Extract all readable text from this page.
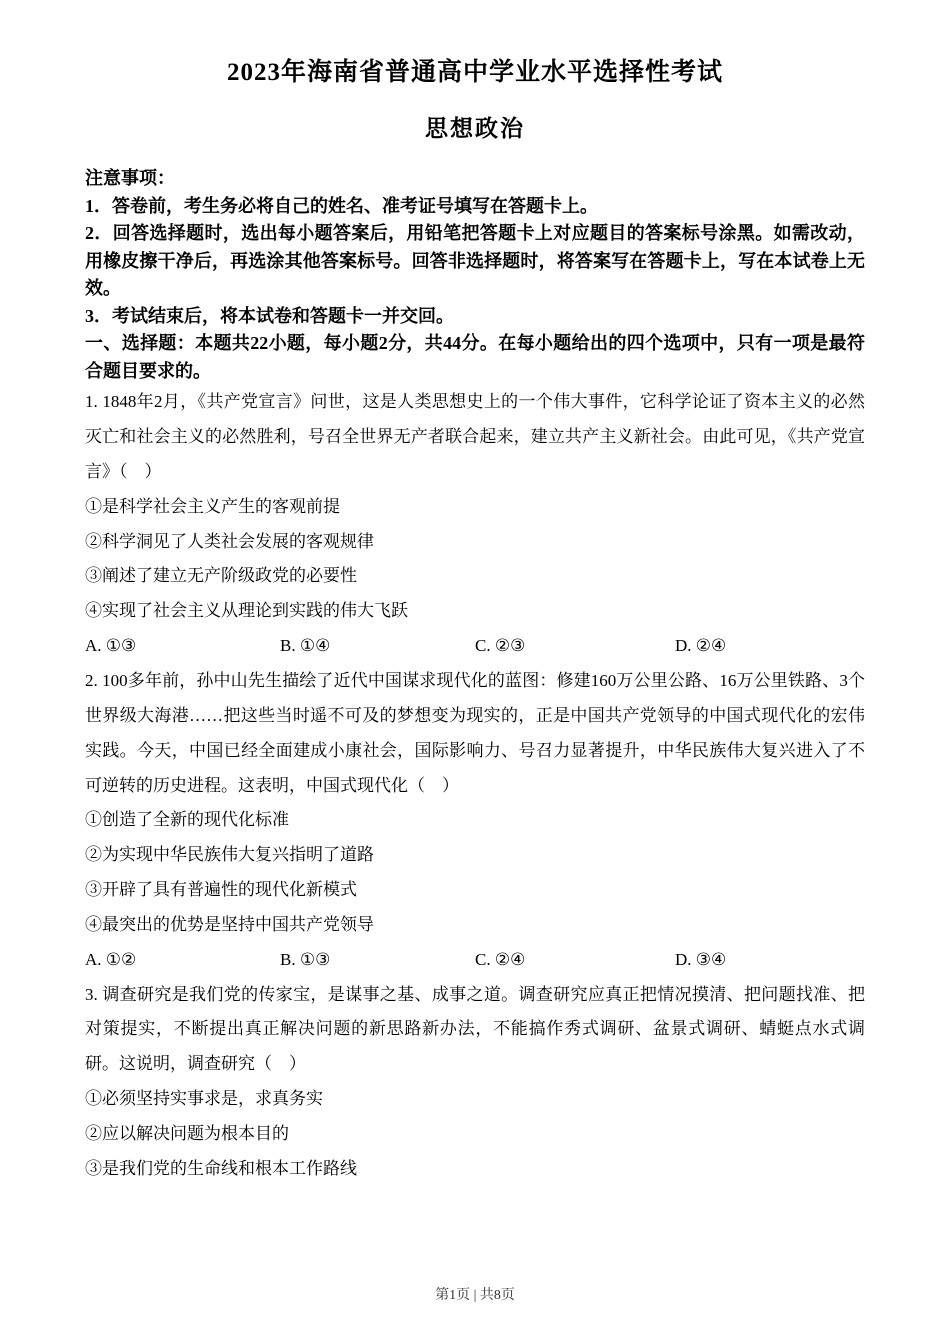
2023年海南省普通高中学业水平选择性考试
思想政治
注意事项：
1．答卷前，考生务必将自己的姓名、准考证号填写在答题卡上。
2．回答选择题时，选出每小题答案后，用铅笔把答题卡上对应题目的答案标号涂黑。如需改动，用橡皮擦干净后，再选涂其他答案标号。回答非选择题时，将答案写在答题卡上，写在本试卷上无效。
3．考试结束后，将本试卷和答题卡一并交回。
一、选择题：本题共22小题，每小题2分，共44分。在每小题给出的四个选项中，只有一项是最符合题目要求的。
1. 1848年2月，《共产党宣言》问世，这是人类思想史上的一个伟大事件，它科学论证了资本主义的必然灭亡和社会主义的必然胜利，号召全世界无产者联合起来，建立共产主义新社会。由此可见，《共产党宣言》（　）
①是科学社会主义产生的客观前提
②科学洞见了人类社会发展的客观规律
③阐述了建立无产阶级政党的必要性
④实现了社会主义从理论到实践的伟大飞跃
A. ①③	B. ①④	C. ②③	D. ②④
2. 100多年前，孙中山先生描绘了近代中国谋求现代化的蓝图：修建160万公里公路、16万公里铁路、3个世界级大海港……把这些当时遥不可及的梦想变为现实的，正是中国共产党领导的中国式现代化的宏伟实践。今天，中国已经全面建成小康社会，国际影响力、号召力显著提升，中华民族伟大复兴进入了不可逆转的历史进程。这表明，中国式现代化（　）
①创造了全新的现代化标准
②为实现中华民族伟大复兴指明了道路
③开辟了具有普遍性的现代化新模式
④最突出的优势是坚持中国共产党领导
A. ①②	B. ①③	C. ②④	D. ③④
3. 调查研究是我们党的传家宝，是谋事之基、成事之道。调查研究应真正把情况摸清、把问题找准、把对策提实，不断提出真正解决问题的新思路新办法，不能搞作秀式调研、盆景式调研、蜻蜓点水式调研。这说明，调查研究（　）
①必须坚持实事求是，求真务实
②应以解决问题为根本目的
③是我们党的生命线和根本工作路线
第1页 | 共8页
